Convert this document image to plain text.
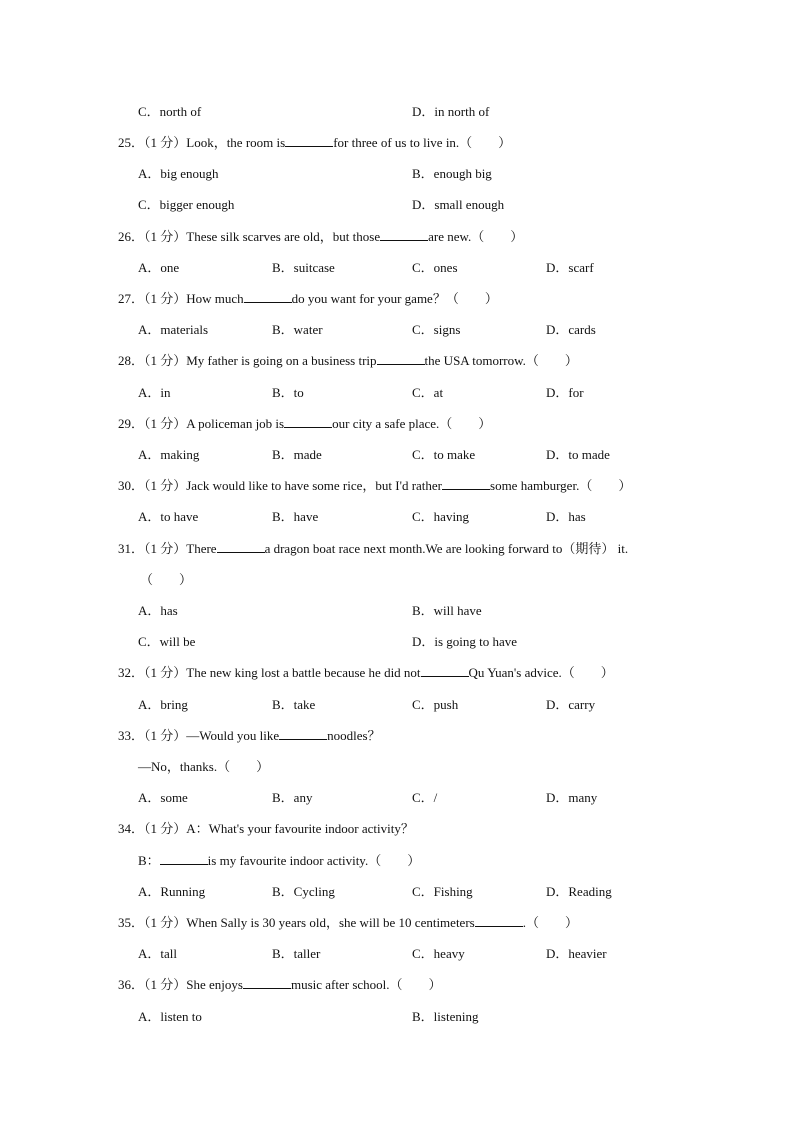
C．north of	D．in north of
25．（1 分）Look，the room is	for three of us to live in.（　　）
A．big enough	B．enough big
C．bigger enough	D．small enough
26．（1 分）These silk scarves are old，but those	are new.（　　）
A．one	B．suitcase	C．ones	D．scarf
27．（1 分）How much	do you want for your game？（　　）
A．materials	B．water	C．signs	D．cards
28．（1 分）My father is going on a business trip	the USA tomorrow.（　　）
A．in	B．to	C．at	D．for
29．（1 分）A policeman job is	our city a safe place.（　　）
A．making	B．made	C．to make	D．to made
30．（1 分）Jack would like to have some rice，but I'd rather	some hamburger.（　　）
A．to have	B．have	C．having	D．has
31．（1 分）There	a dragon boat race next month.We are looking forward to（期待） it.
（　　）
A．has	B．will have
C．will be	D．is going to have
32．（1 分）The new king lost a battle because he did not	Qu Yuan's advice.（　　）
A．bring	B．take	C．push	D．carry
33．（1 分）—Would you like	noodles？
—No，thanks.（　　）
A．some	B．any	C．/	D．many
34．（1 分）A：What's your favourite indoor activity？
B：	is my favourite indoor activity.（　　）
A．Running	B．Cycling	C．Fishing	D．Reading
35．（1 分）When Sally is 30 years old，she will be 10 centimeters	.（　　）
A．tall	B．taller	C．heavy	D．heavier
36．（1 分）She enjoys	music after school.（　　）
A．listen to	B．listening
